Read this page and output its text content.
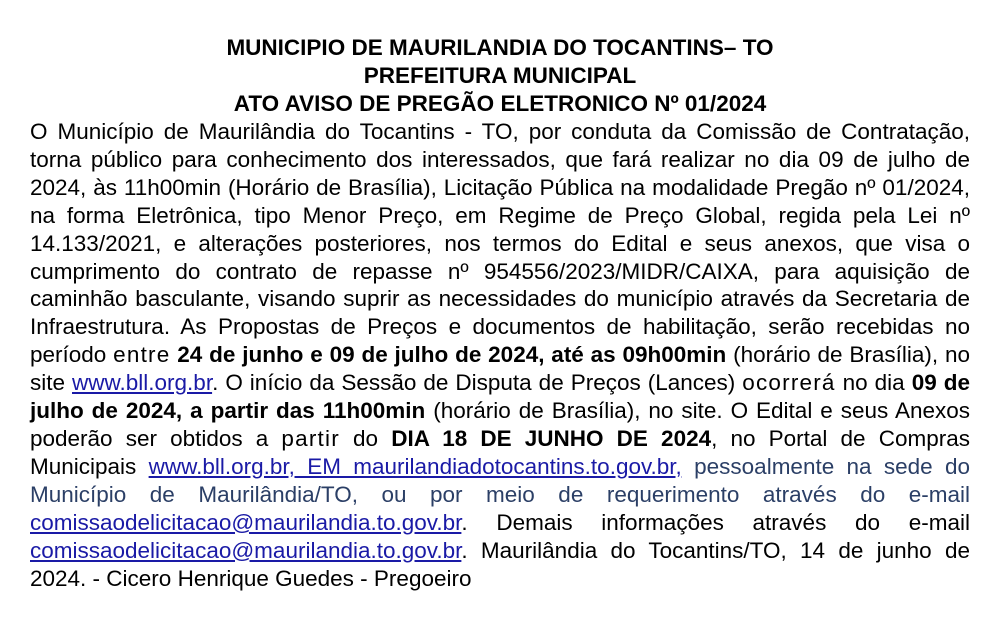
MUNICIPIO DE MAURILANDIA DO TOCANTINS– TO

PREFEITURA MUNICIPAL

ATO AVISO DE PREGÃO ELETRONICO Nº 01/2024

O Município de Maurilândia do Tocantins - TO, por conduta da Comissão de Contratação, torna público para conhecimento dos interessados, que fará realizar no dia 09 de julho de 2024, às 11h00min (Horário de Brasília), Licitação Pública na modalidade Pregão nº 01/2024, na forma Eletrônica, tipo Menor Preço, em Regime de Preço Global, regida pela Lei nº 14.133/2021, e alterações posteriores, nos termos do Edital e seus anexos, que visa o cumprimento do contrato de repasse nº 954556/2023/MIDR/CAIXA, para aquisição de caminhão basculante, visando suprir as necessidades do município através da Secretaria de Infraestrutura. As Propostas de Preços e documentos de habilitação, serão recebidas no período entre 24 de junho e 09 de julho de 2024, até as 09h00min (horário de Brasília), no site www.bll.org.br. O início da Sessão de Disputa de Preços (Lances) ocorrerá no dia 09 de julho de 2024, a partir das 11h00min (horário de Brasília), no site. O Edital e seus Anexos poderão ser obtidos a partir do DIA 18 DE JUNHO DE 2024, no Portal de Compras Municipais www.bll.org.br, EM maurilandiadotocantins.to.gov.br, pessoalmente na sede do Município de Maurilândia/TO, ou por meio de requerimento através do e-mail comissaodelicitacao@maurilandia.to.gov.br. Demais informações através do e-mail comissaodelicitacao@maurilandia.to.gov.br. Maurilândia do Tocantins/TO, 14 de junho de 2024. - Cicero Henrique Guedes - Pregoeiro
